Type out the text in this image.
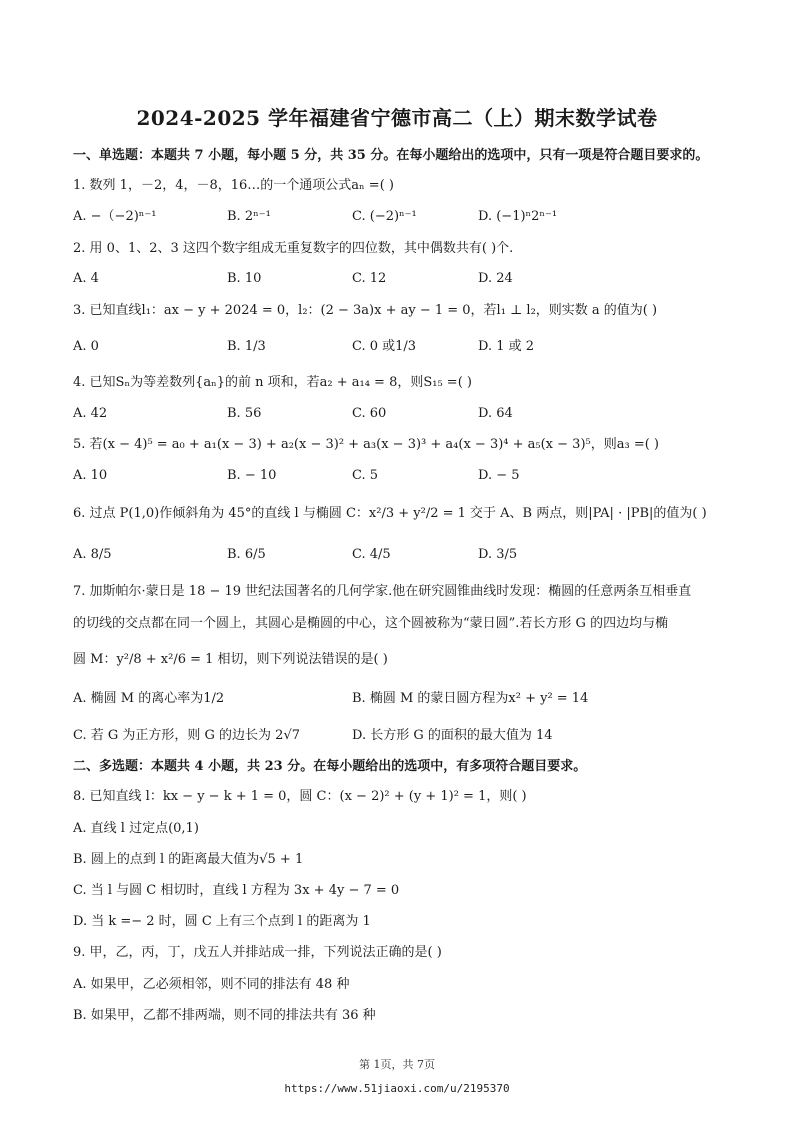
2024-2025 学年福建省宁德市高二（上）期末数学试卷
一、单选题：本题共 7 小题，每小题 5 分，共 35 分。在每小题给出的选项中，只有一项是符合题目要求的。
1. 数列 1，－2，4，－8，16…的一个通项公式aₙ =( )
A. −（−2)ⁿ⁻¹	B. 2ⁿ⁻¹	C. (−2)ⁿ⁻¹	D. (−1)ⁿ2ⁿ⁻¹
2. 用 0、1、2、3 这四个数字组成无重复数字的四位数，其中偶数共有( )个.
A. 4	B. 10	C. 12	D. 24
3. 已知直线l₁：ax − y + 2024 = 0，l₂：(2 − 3a)x + ay − 1 = 0，若l₁ ⊥ l₂，则实数 a 的值为( )
A. 0	B. 1/3	C. 0 或1/3	D. 1 或 2
4. 已知Sₙ为等差数列{aₙ}的前 n 项和，若a₂ + a₁₄ = 8，则S₁₅ =( )
A. 42	B. 56	C. 60	D. 64
5. 若(x − 4)⁵ = a₀ + a₁(x − 3) + a₂(x − 3)² + a₃(x − 3)³ + a₄(x − 3)⁴ + a₅(x − 3)⁵，则a₃ =( )
A. 10	B. − 10	C. 5	D. − 5
6. 过点 P(1,0)作倾斜角为 45°的直线 l 与椭圆 C：x²/3 + y²/2 = 1 交于 A、B 两点，则|PA| · |PB|的值为( )
A. 8/5	B. 6/5	C. 4/5	D. 3/5
7. 加斯帕尔·蒙日是 18 − 19 世纪法国著名的几何学家.他在研究圆锥曲线时发现：椭圆的任意两条互相垂直
的切线的交点都在同一个圆上，其圆心是椭圆的中心，这个圆被称为“蒙日圆”.若长方形 G 的四边均与椭
圆 M：y²/8 + x²/6 = 1 相切，则下列说法错误的是( )
A. 椭圆 M 的离心率为1/2	B. 椭圆 M 的蒙日圆方程为x² + y² = 14
C. 若 G 为正方形，则 G 的边长为 2√7	D. 长方形 G 的面积的最大值为 14
二、多选题：本题共 4 小题，共 23 分。在每小题给出的选项中，有多项符合题目要求。
8. 已知直线 l：kx − y − k + 1 = 0，圆 C：(x − 2)² + (y + 1)² = 1，则( )
A. 直线 l 过定点(0,1)
B. 圆上的点到 l 的距离最大值为√5 + 1
C. 当 l 与圆 C 相切时，直线 l 方程为 3x + 4y − 7 = 0
D. 当 k =− 2 时，圆 C 上有三个点到 l 的距离为 1
9. 甲，乙，丙，丁，戊五人并排站成一排，下列说法正确的是( )
A. 如果甲，乙必须相邻，则不同的排法有 48 种
B. 如果甲，乙都不排两端，则不同的排法共有 36 种
第 1页，共 7页
https://www.51jiaoxi.com/u/2195370
